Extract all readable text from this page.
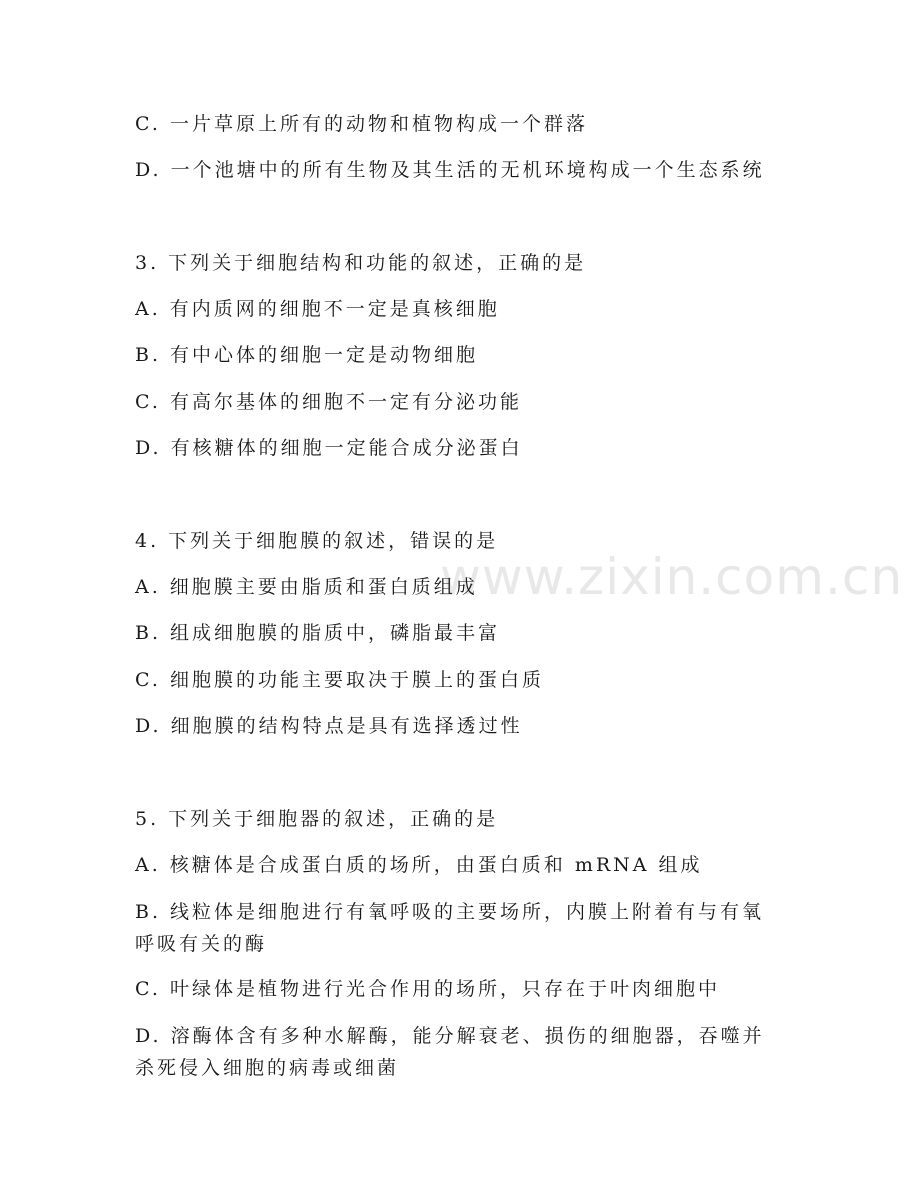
www.zixin.com.cn
C. 一片草原上所有的动物和植物构成一个群落
D. 一个池塘中的所有生物及其生活的无机环境构成一个生态系统
3. 下列关于细胞结构和功能的叙述，正确的是
A. 有内质网的细胞不一定是真核细胞
B. 有中心体的细胞一定是动物细胞
C. 有高尔基体的细胞不一定有分泌功能
D. 有核糖体的细胞一定能合成分泌蛋白
4. 下列关于细胞膜的叙述，错误的是
A. 细胞膜主要由脂质和蛋白质组成
B. 组成细胞膜的脂质中，磷脂最丰富
C. 细胞膜的功能主要取决于膜上的蛋白质
D. 细胞膜的结构特点是具有选择透过性
5. 下列关于细胞器的叙述，正确的是
A. 核糖体是合成蛋白质的场所，由蛋白质和 mRNA 组成
B. 线粒体是细胞进行有氧呼吸的主要场所，内膜上附着有与有氧呼吸有关的酶
C. 叶绿体是植物进行光合作用的场所，只存在于叶肉细胞中
D. 溶酶体含有多种水解酶，能分解衰老、损伤的细胞器，吞噬并杀死侵入细胞的病毒或细菌
